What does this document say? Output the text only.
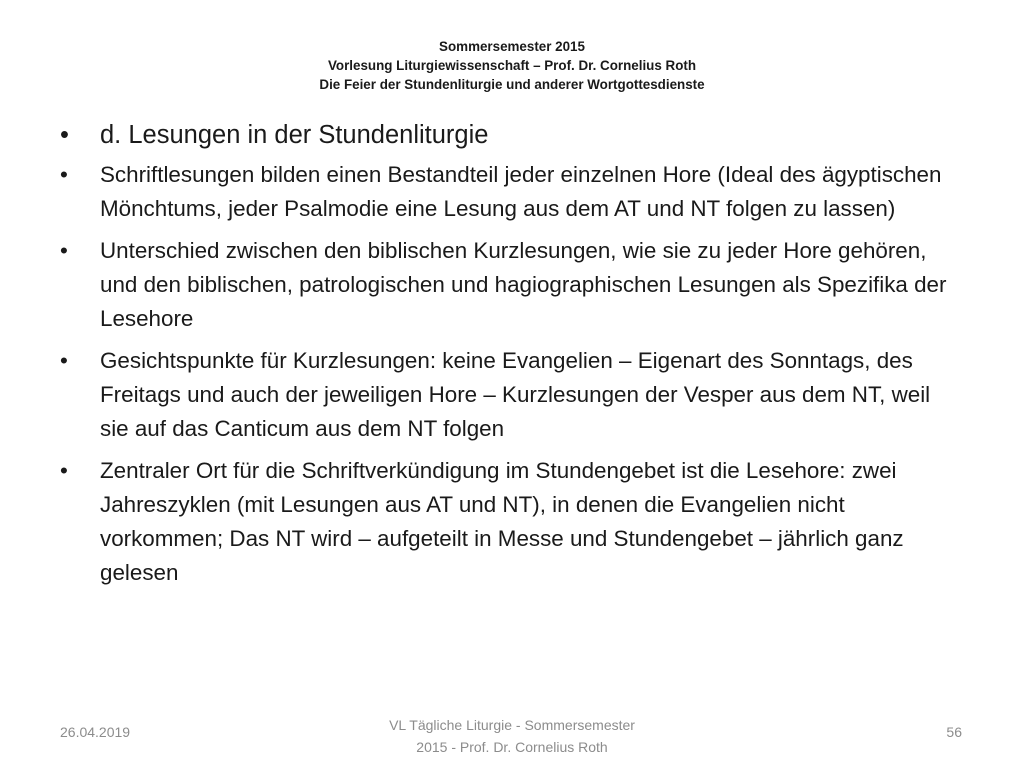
Sommersemester 2015
Vorlesung Liturgiewissenschaft – Prof. Dr. Cornelius Roth
Die Feier der Stundenliturgie und anderer Wortgottesdienste
• d. Lesungen in der Stundenliturgie
• Schriftlesungen bilden einen Bestandteil jeder einzelnen Hore (Ideal des ägyptischen Mönchtums, jeder Psalmodie eine Lesung aus dem AT und NT folgen zu lassen)
• Unterschied zwischen den biblischen Kurzlesungen, wie sie zu jeder Hore gehören, und den biblischen, patrologischen und hagiographischen Lesungen als Spezifika der Lesehore
• Gesichtspunkte für Kurzlesungen: keine Evangelien – Eigenart des Sonntags, des Freitags und auch der jeweiligen Hore – Kurzlesungen der Vesper aus dem NT, weil sie auf das Canticum aus dem NT folgen
• Zentraler Ort für die Schriftverkündigung im Stundengebet ist die Lesehore: zwei Jahreszyklen (mit Lesungen aus AT und NT), in denen die Evangelien nicht vorkommen; Das NT wird – aufgeteilt in Messe und Stundengebet – jährlich ganz gelesen
26.04.2019	VL Tägliche Liturgie - Sommersemester
2015 - Prof. Dr. Cornelius Roth
56
